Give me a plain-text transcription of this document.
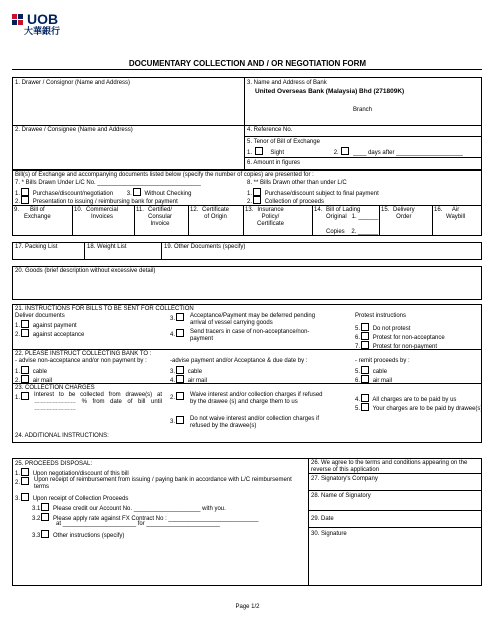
UOB
大華銀行
DOCUMENTARY COLLECTION AND / OR NEGOTIATION FORM
1. Drawer / Consignor (Name and Address)	3. Name and Address of Bank
United Overseas Bank (Malaysia) Bhd (271809K)
Branch
2. Drawee / Consignee (Name and Address)	4. Reference No.
5. Tenor of Bill of Exchange
1.	Sight	2. ____ days after ____________________
6. Amount in figures
Bill(s) of Exchange and accompanying documents listed below (specify the number of copies) are presented for :
7. * Bills Drawn Under L/C No. _______________________________	8. ** Bills Drawn other than under L/C
1. Purchase/discount/negotiation 3. Without Checking	1. Purchase/discount subject to final payment
2. Presentation to issuing / reimbursing bank for payment	2. Collection of proceeds
9.	Bill of
Exchange
10. Commercial
Invoices
11. Certified/
Consular
Invoice
12. Certificate
of Origin
13. Insurance
Policy/
Certificate
14. Bill of Lading
Original   1. ______

Copies    2. ______
15. Delivery
Order
16.	Air
Waybill
17. Packing List	18. Weight List	19. Other Documents (specify)
20. Goods (brief description without excessive detail)
21. INSTRUCTIONS FOR BILLS TO BE SENT FOR COLLECTION
Deliver documents
1. against payment
2. against acceptance
3.	Acceptance/Payment may be deferred pending arrival of vessel carrying goods
4.	Send tracers in case of non-acceptance/non-payment
Protest instructions
5. Do not protest
6. Protest for non-acceptance
7. Protest for non-payment
22. PLEASE INSTRUCT COLLECTING BANK TO :
- advise non-acceptance and/or non payment by :	-advise payment and/or Acceptance & due date by :	- remit proceeds by :
1. cable
2. air mail
3. cable
4. air mail
5. cable
6. air mail
23. COLLECTION CHARGES
1.	Interest to be collected from drawee(s) at ………………… % from date of bill until …………………
2.	Waive interest and/or collection charges if refused by the drawee (s) and charge them to us
3.	Do not waive interest and/or collection charges if refused by the drawee(s)
4. All charges are to be paid by us
5. Your charges are to be paid by drawee(s)
24. ADDITIONAL INSTRUCTIONS:
25. PROCEEDS DISPOSAL:
1. Upon negotiation/discount of this bill
2.	Upon receipt of reimbursement from issuing / paying bank in accordance with L/C reimbursement terms
3. Upon receipt of Collection Proceeds
3.1 Please credit our Account No. ____________________ with you.
3.2 Please apply rate against FX Contract No : ___________________________
at ______________________ for ______________________
3.3 Other instructions (specify)
26. We agree to the terms and conditions appearing on the reverse of this application
27. Signatory's Company
28. Name of Signatory
29. Date
30. Signature
Page 1/2
